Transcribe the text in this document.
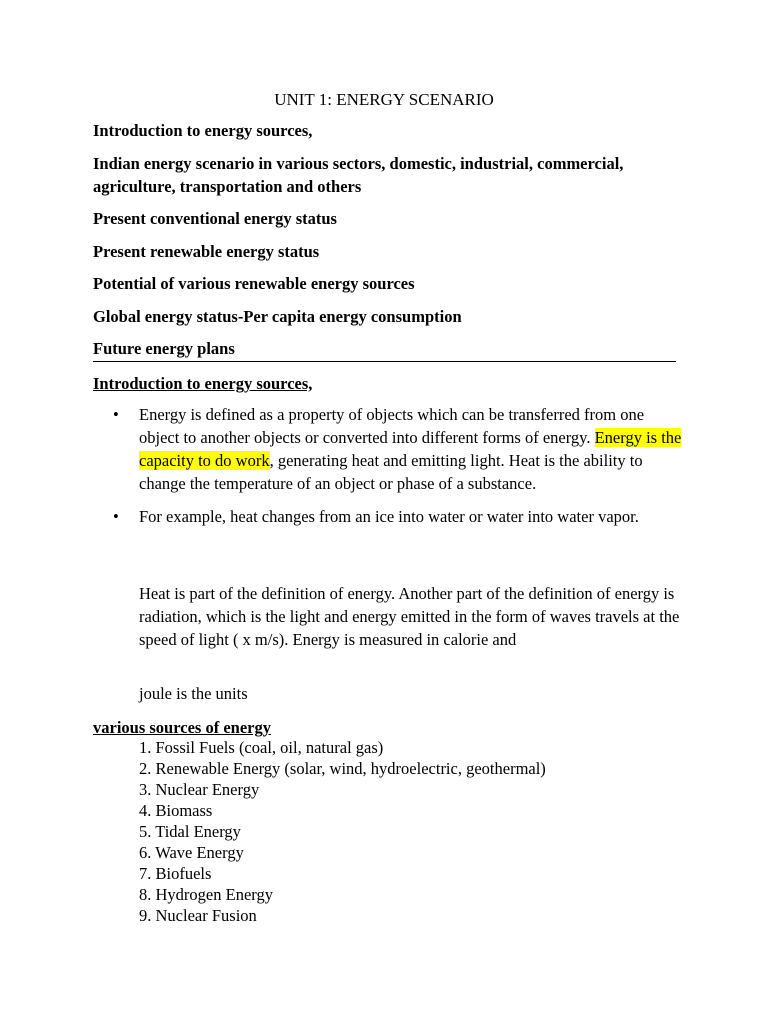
UNIT 1: ENERGY SCENARIO
Introduction to energy sources,
Indian energy scenario in various sectors, domestic, industrial, commercial, agriculture, transportation and others
Present conventional energy status
Present renewable energy status
Potential of various renewable energy sources
Global energy status-Per capita energy consumption
Future energy plans
Introduction to energy sources,
• Energy is defined as a property of objects which can be transferred from one object to another objects or converted into different forms of energy. Energy is the capacity to do work, generating heat and emitting light. Heat is the ability to change the temperature of an object or phase of a substance.
• For example, heat changes from an ice into water or water into water vapor.
Heat is part of the definition of energy. Another part of the definition of energy is radiation, which is the light and energy emitted in the form of waves travels at the speed of light ( x m/s). Energy is measured in calorie and
joule is the units
various sources of energy
1. Fossil Fuels (coal, oil, natural gas)
2. Renewable Energy (solar, wind, hydroelectric, geothermal)
3. Nuclear Energy
4. Biomass
5. Tidal Energy
6. Wave Energy
7. Biofuels
8. Hydrogen Energy
9. Nuclear Fusion
